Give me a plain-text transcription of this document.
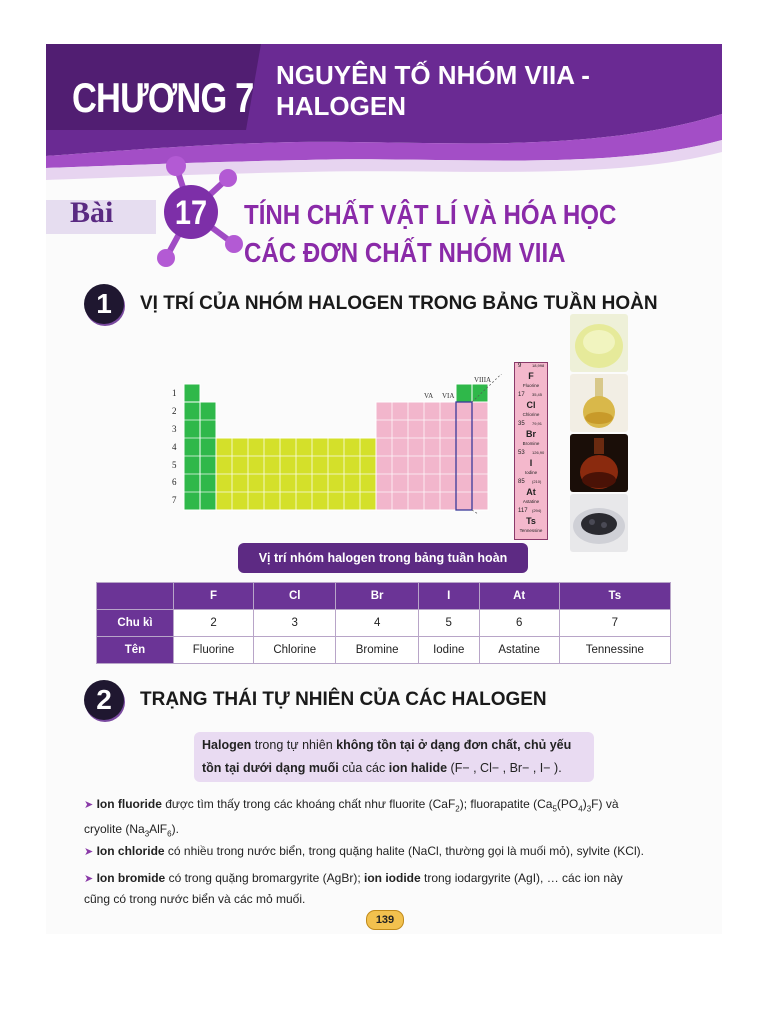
CHƯƠNG 7 NGUYÊN TỐ NHÓM VIIA -
HALOGEN
Bài 17 TÍNH CHẤT VẬT LÍ VÀ HÓA HỌC
CÁC ĐƠN CHẤT NHÓM VIIA
1	VỊ TRÍ CỦA NHÓM HALOGEN TRONG BẢNG TUẦN HOÀN
1
2
3
4
5
6
7
VA VIA
VIIIA
9	18,998
F
Fluorine
17 35,45
Cl
Chlorine
35 79,91
Br
Bromine
53 126,90
I
Iodine
85 (210)
At
Astatine
117 (294)
Ts
Tennessine
Vị trí nhóm halogen trong bảng tuần hoàn
	F	Cl	Br	I	At	Ts
Chu kì	2	3	4	5	6	7
Tên	Fluorine	Chlorine	Bromine	Iodine	Astatine	Tennessine
2	TRẠNG THÁI TỰ NHIÊN CỦA CÁC HALOGEN
Halogen trong tự nhiên không tồn tại ở dạng đơn chất, chủ yếu
tồn tại dưới dạng muối của các ion halide (F− , Cl− , Br− , I− ).
➤ Ion fluoride được tìm thấy trong các khoáng chất như fluorite (CaF$_2$); fluorapatite $(Ca_5(PO_4)_3F)$ và
cryolite $(Na_3AlF_6)$.
➤ Ion chloride có nhiều trong nước biển, trong quặng halite (NaCl, thường gọi là muối mỏ), sylvite (KCl).
➤ Ion bromide có trong quặng bromargyrite (AgBr); ion iodide trong iodargyrite (AgI), … các ion này
cũng có trong nước biển và các mỏ muối.
139
